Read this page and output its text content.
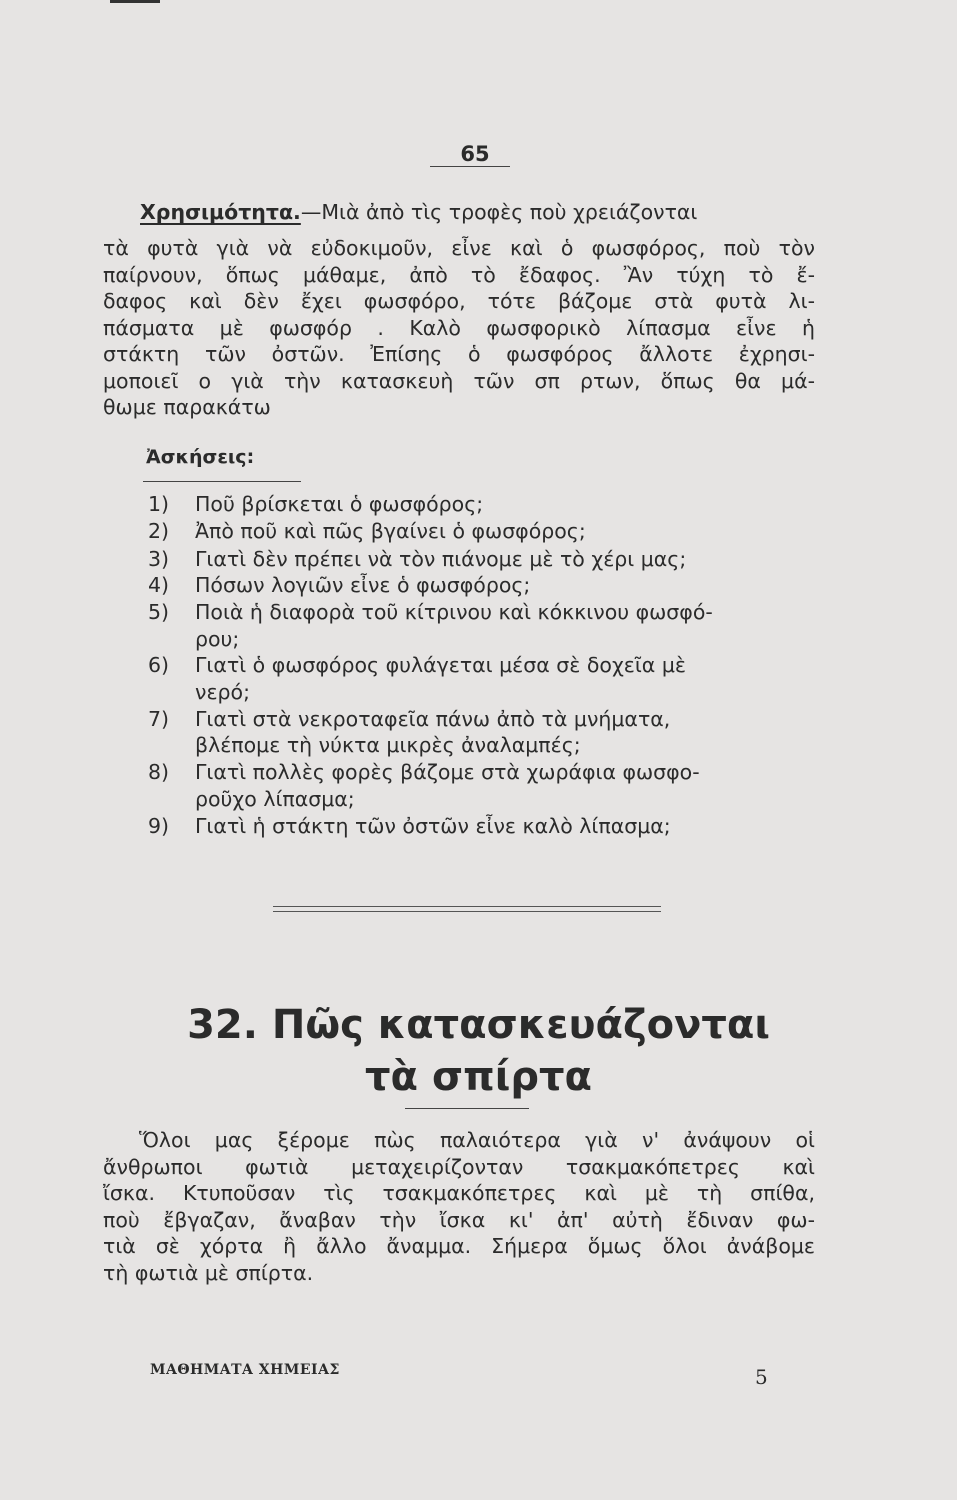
65
Χρησιμότητα.—Μιὰ ἀπὸ τὶς τροφὲς ποὺ χρειάζονται
τὰ φυτὰ γιὰ νὰ εὐδοκιμοῦν, εἶνε καὶ ὁ φωσφόρος, ποὺ τὸν
παίρνουν, ὅπως μάθαμε, ἀπὸ τὸ ἔδαφος. Ἂν τύχη τὸ ἔ-
δαφος καὶ δὲν ἔχει φωσφόρο, τότε βάζομε στὰ φυτὰ λι-
πάσματα μὲ φωσφόρ . Καλὸ φωσφορικὸ λίπασμα εἶνε ἡ
στάκτη τῶν ὀστῶν. Ἐπίσης ὁ φωσφόρος ἄλλοτε ἐχρησι-
μοποιεῖ ο γιὰ τὴν κατασκευὴ τῶν σπ ρτων, ὅπως θα μά-
θωμε παρακάτω
Ἀσκήσεις:
1)	Ποῦ βρίσκεται ὁ φωσφόρος;
2)	Ἀπὸ ποῦ καὶ πῶς βγαίνει ὁ φωσφόρος;
3)	Γιατὶ δὲν πρέπει νὰ τὸν πιάνομε μὲ τὸ χέρι μας;
4)	Πόσων λογιῶν εἶνε ὁ φωσφόρος;
5)	Ποιὰ ἡ διαφορὰ τοῦ κίτρινου καὶ κόκκινου φωσφό-
ρου;
6)	Γιατὶ ὁ φωσφόρος φυλάγεται μέσα σὲ δοχεῖα μὲ
νερό;
7)	Γιατὶ στὰ νεκροταφεῖα πάνω ἀπὸ τὰ μνήματα,
βλέπομε τὴ νύκτα μικρὲς ἀναλαμπές;
8)	Γιατὶ πολλὲς φορὲς βάζομε στὰ χωράφια φωσφο-
ροῦχο λίπασμα;
9)	Γιατὶ ἡ στάκτη τῶν ὀστῶν εἶνε καλὸ λίπασμα;
32. Πῶς κατασκευάζονται
τὰ σπίρτα
Ὅλοι μας ξέρομε πὼς παλαιότερα γιὰ ν' ἀνάψουν οἱ
ἄνθρωποι φωτιὰ μεταχειρίζονταν τσακμακόπετρες καὶ
ἴσκα. Κτυποῦσαν τὶς τσακμακόπετρες καὶ μὲ τὴ σπίθα,
ποὺ ἔβγαζαν, ἄναβαν τὴν ἴσκα κι' ἀπ' αὐτὴ ἔδιναν φω-
τιὰ σὲ χόρτα ἢ ἄλλο ἄναμμα. Σήμερα ὅμως ὅλοι ἀνάβομε
τὴ φωτιὰ μὲ σπίρτα.
ΜΑΘΗΜΑΤΑ ΧΗΜΕΙΑΣ	5
